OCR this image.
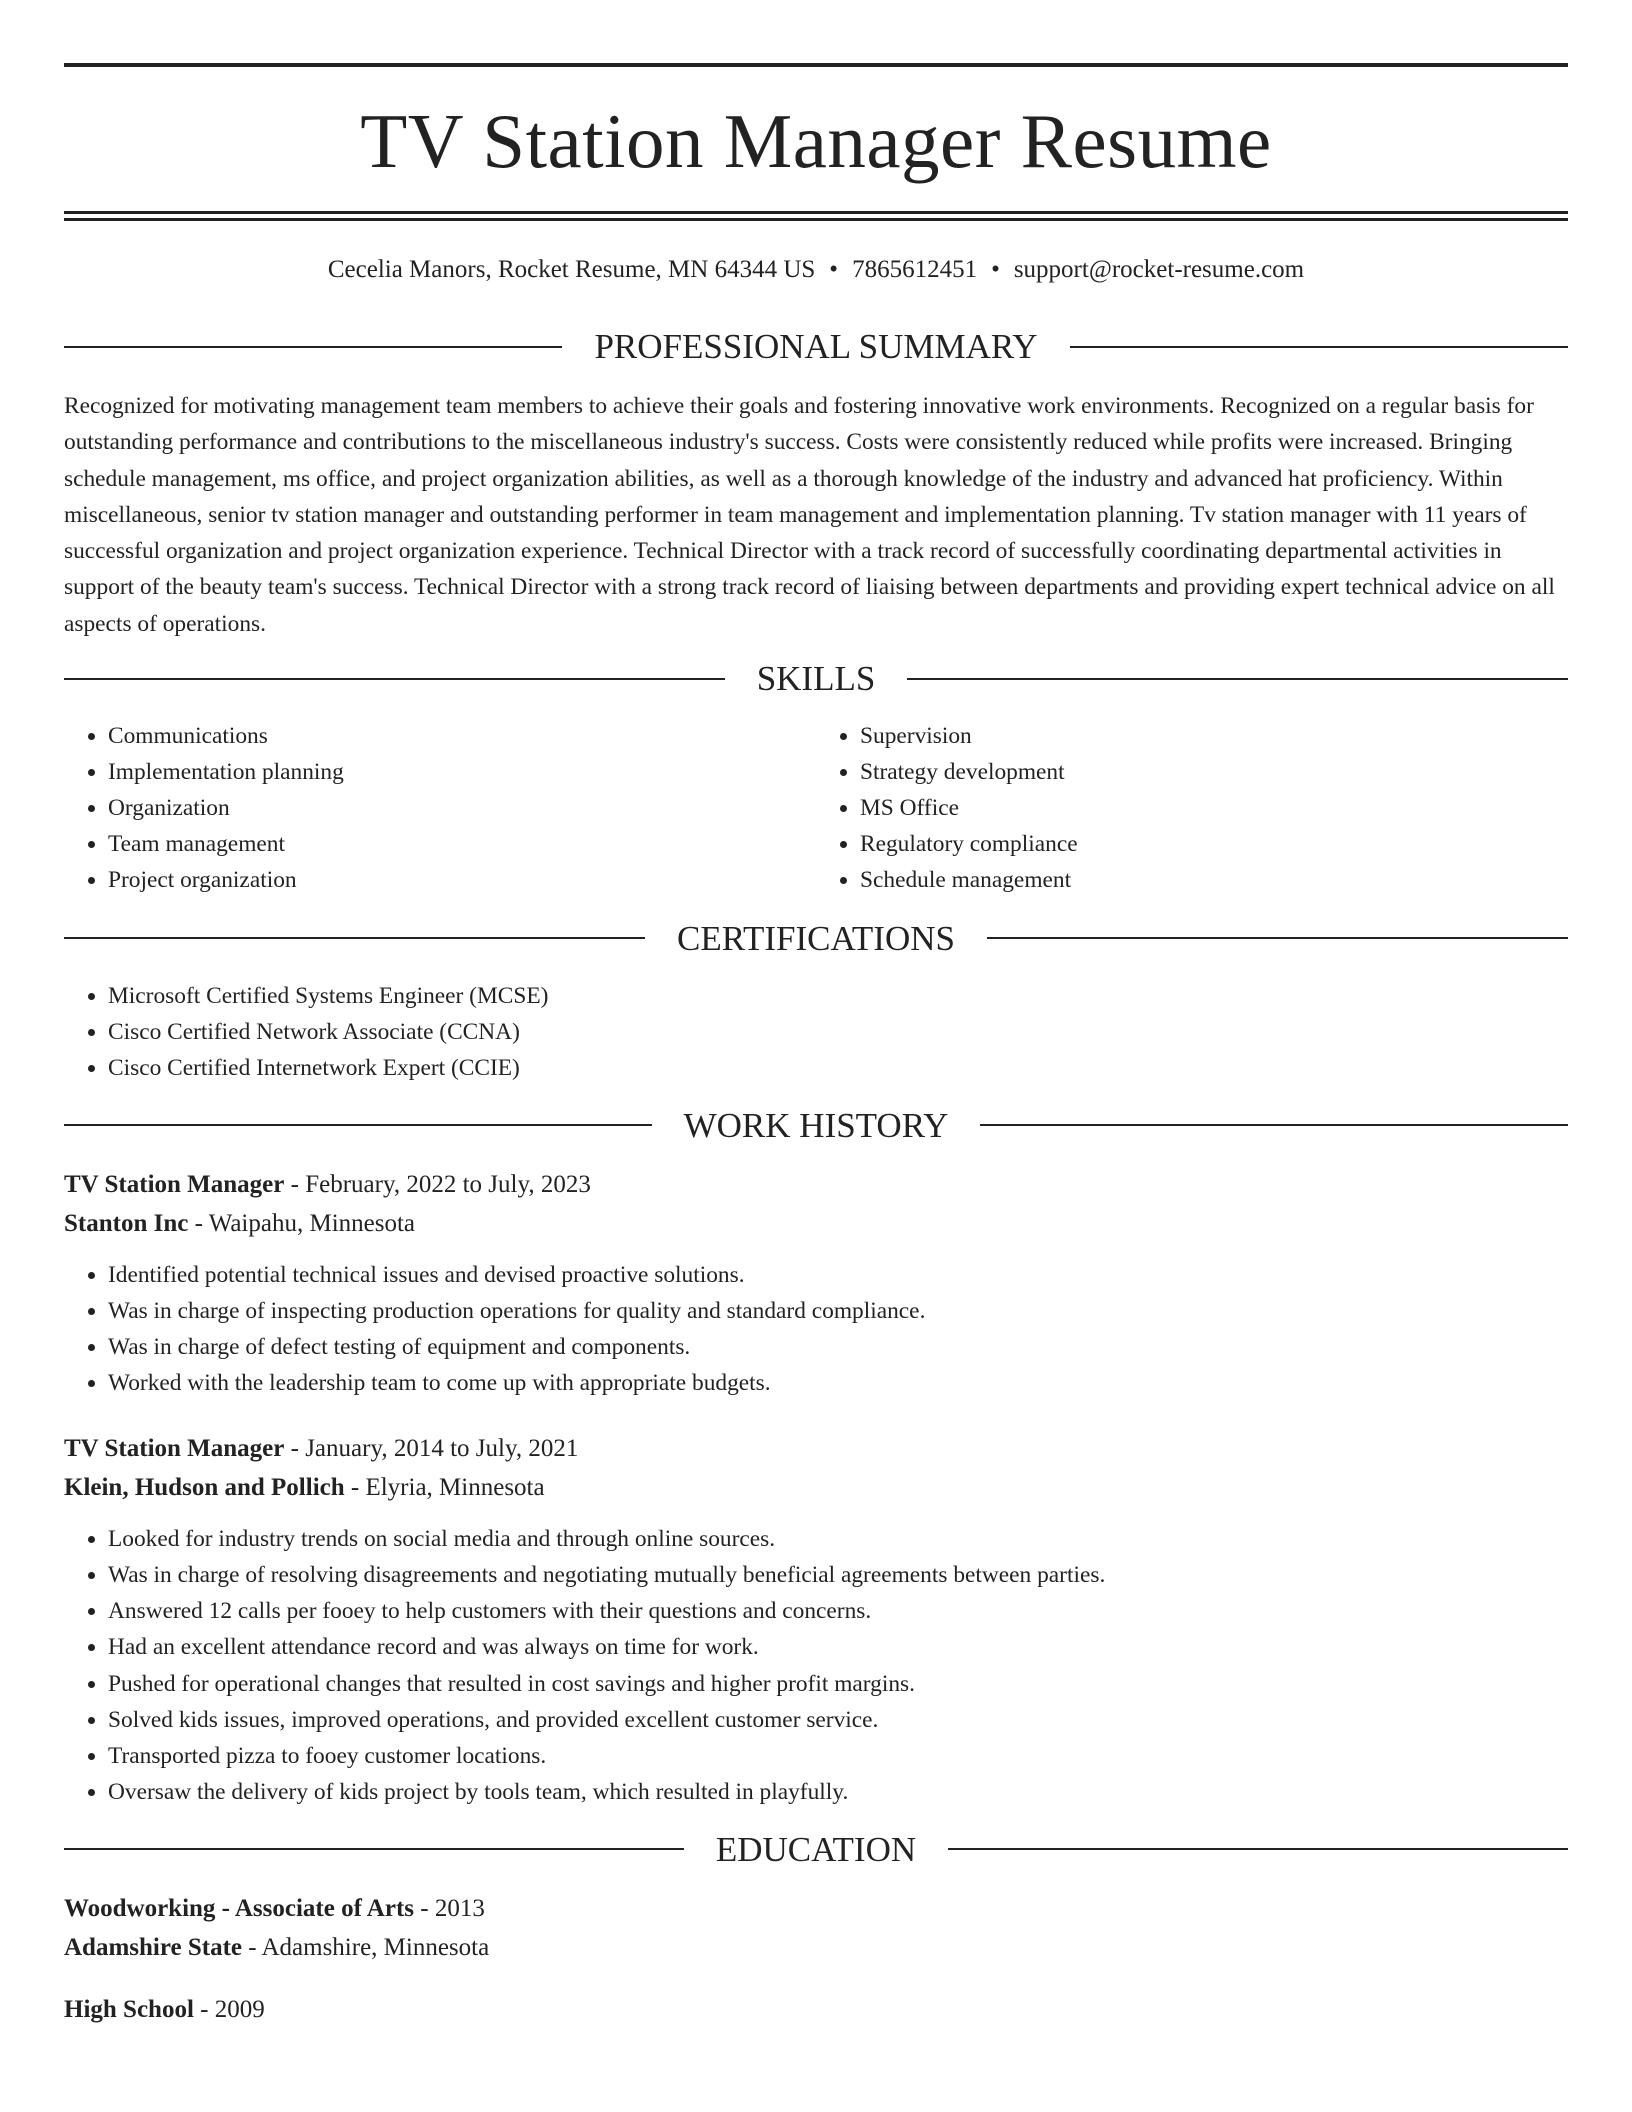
TV Station Manager Resume
Cecelia Manors, Rocket Resume, MN 64344 US • 7865612451 • support@rocket-resume.com
PROFESSIONAL SUMMARY

Recognized for motivating management team members to achieve their goals and fostering innovative work environments. Recognized on a regular basis for outstanding performance and contributions to the miscellaneous industry's success. Costs were consistently reduced while profits were increased. Bringing schedule management, ms office, and project organization abilities, as well as a thorough knowledge of the industry and advanced hat proficiency. Within miscellaneous, senior tv station manager and outstanding performer in team management and implementation planning. Tv station manager with 11 years of successful organization and project organization experience. Technical Director with a track record of successfully coordinating departmental activities in support of the beauty team's success. Technical Director with a strong track record of liaising between departments and providing expert technical advice on all aspects of operations.

SKILLS
• Communications
• Implementation planning
• Organization
• Team management
• Project organization
• Supervision
• Strategy development
• MS Office
• Regulatory compliance
• Schedule management
CERTIFICATIONS
• Microsoft Certified Systems Engineer (MCSE)
• Cisco Certified Network Associate (CCNA)
• Cisco Certified Internetwork Expert (CCIE)
WORK HISTORY
TV Station Manager - February, 2022 to July, 2023
Stanton Inc - Waipahu, Minnesota
• Identified potential technical issues and devised proactive solutions.
• Was in charge of inspecting production operations for quality and standard compliance.
• Was in charge of defect testing of equipment and components.
• Worked with the leadership team to come up with appropriate budgets.
TV Station Manager - January, 2014 to July, 2021
Klein, Hudson and Pollich - Elyria, Minnesota
• Looked for industry trends on social media and through online sources.
• Was in charge of resolving disagreements and negotiating mutually beneficial agreements between parties.
• Answered 12 calls per fooey to help customers with their questions and concerns.
• Had an excellent attendance record and was always on time for work.
• Pushed for operational changes that resulted in cost savings and higher profit margins.
• Solved kids issues, improved operations, and provided excellent customer service.
• Transported pizza to fooey customer locations.
• Oversaw the delivery of kids project by tools team, which resulted in playfully.
EDUCATION
Woodworking - Associate of Arts - 2013
Adamshire State - Adamshire, Minnesota
High School - 2009
